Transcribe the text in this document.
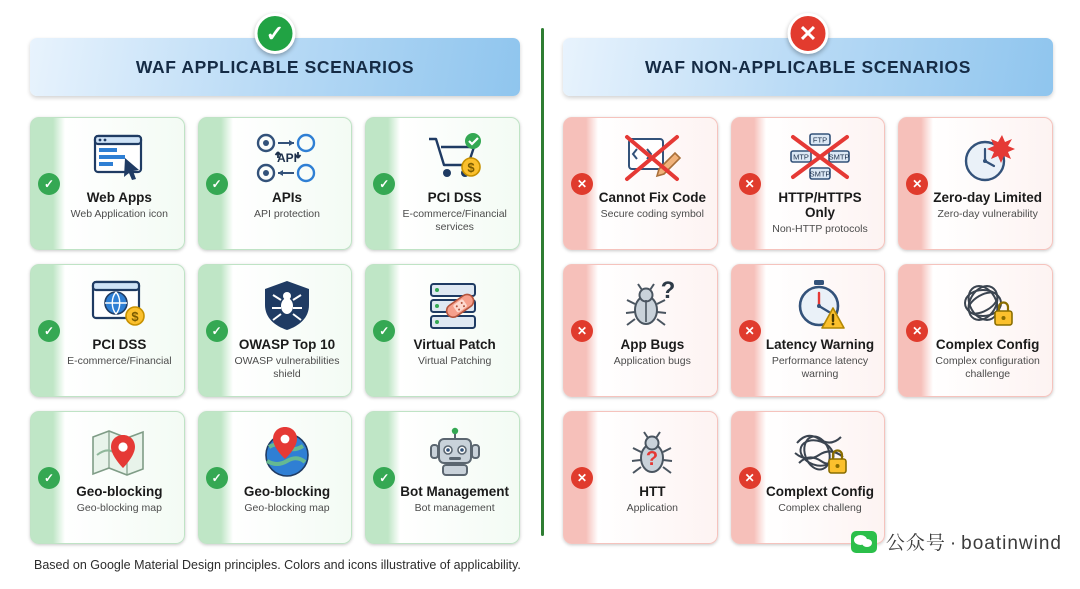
✓
WAF APPLICABLE SCENARIOS
✓
Web Apps
Web Application icon
✓
API
APIs
API protection
✓
$
PCI DSS
E-commerce/Financial services
✓
$
PCI DSS
E-commerce/Financial
✓
OWASP Top 10
OWASP vulnerabilities shield
✓
Virtual Patch
Virtual Patching
✓
Geo-blocking
Geo-blocking map
✓
Geo-blocking
Geo-blocking map
✓
Bot Management
Bot management
✕
WAF NON-APPLICABLE SCENARIOS
✕
Cannot Fix Code
Secure coding symbol
✕
FTP
MTP	SMTP
SMTP
HTTP/HTTPS Only
Non-HTTP protocols
✕
Zero-day Limited
Zero-day vulnerability
✕
?
App Bugs
Application bugs
✕
Latency Warning
Performance latency warning
✕
Complex Config
Complex configuration challenge
✕
?
HTT
Application
✕
Complext Config
Complex challeng
Based on Google Material Design principles. Colors and icons illustrative of applicability.
公众号 · boatinwind
